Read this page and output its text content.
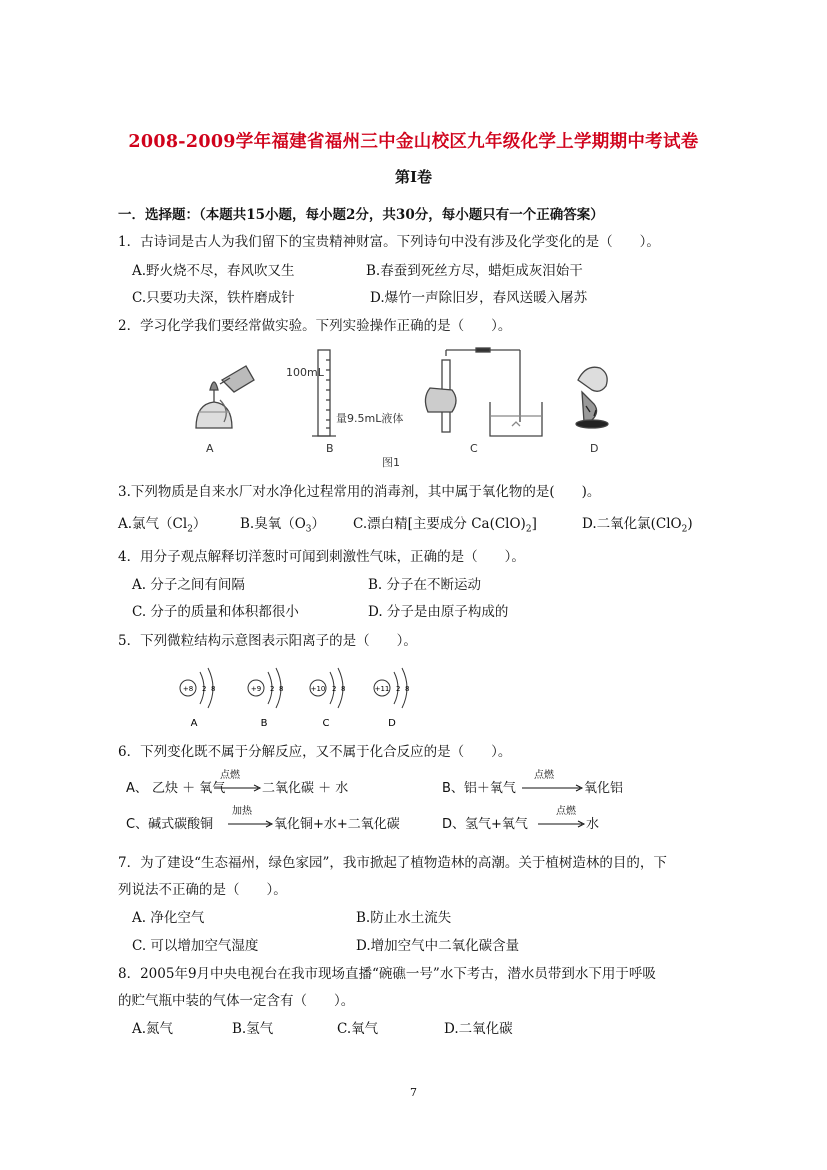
2008-2009学年福建省福州三中金山校区九年级化学上学期期中考试卷
第Ⅰ卷
一．选择题：（本题共15小题，每小题2分，共30分，每小题只有一个正确答案）
1．古诗词是古人为我们留下的宝贵精神财富。下列诗句中没有涉及化学变化的是（　　）。
A.野火烧不尽，春风吹又生	B.春蚕到死丝方尽，蜡炬成灰泪始干
C.只要功夫深，铁杵磨成针	D.爆竹一声除旧岁，春风送暖入屠苏
2．学习化学我们要经常做实验。下列实验操作正确的是（　　）。
100mL
量9.5mL液体
A	B	C	D
图1
3.下列物质是自来水厂对水净化过程常用的消毒剂，其中属于氧化物的是(　　)。
A.氯气$(Cl_2)$ B.臭氧$(O_3)$ C.漂白精[主要成分 $Ca(ClO)_2$]	D.二氧化氯(ClO$_2$)
4．用分子观点解释切洋葱时可闻到刺激性气味，正确的是（　　）。
A. 分子之间有间隔	B. 分子在不断运动
C. 分子的质量和体积都很小	D. 分子是由原子构成的
5．下列微粒结构示意图表示阳离子的是（　　）。
+8 2 8
A
+9 2 8
B
+10 2 8
C
+11 2 8
D
6．下列变化既不属于分解反应，又不属于化合反应的是（　　）。
A、 乙炔 ＋ 氧气
点燃
二氧化碳 ＋ 水	B、铝＋氧气
点燃
氧化铝
C、碱式碳酸铜
加热
氧化铜+水+二氧化碳	D、氢气+氧气
点燃
水
7．为了建设“生态福州，绿色家园”，我市掀起了植物造林的高潮。关于植树造林的目的，下
列说法不正确的是（　　）。
A. 净化空气	B.防止水土流失
C. 可以增加空气湿度	D.增加空气中二氧化碳含量
8．2005年9月中央电视台在我市现场直播“碗礁一号”水下考古，潜水员带到水下用于呼吸
的贮气瓶中装的气体一定含有（　　）。
A.氮气	B.氢气	C.氧气	D.二氧化碳
7
